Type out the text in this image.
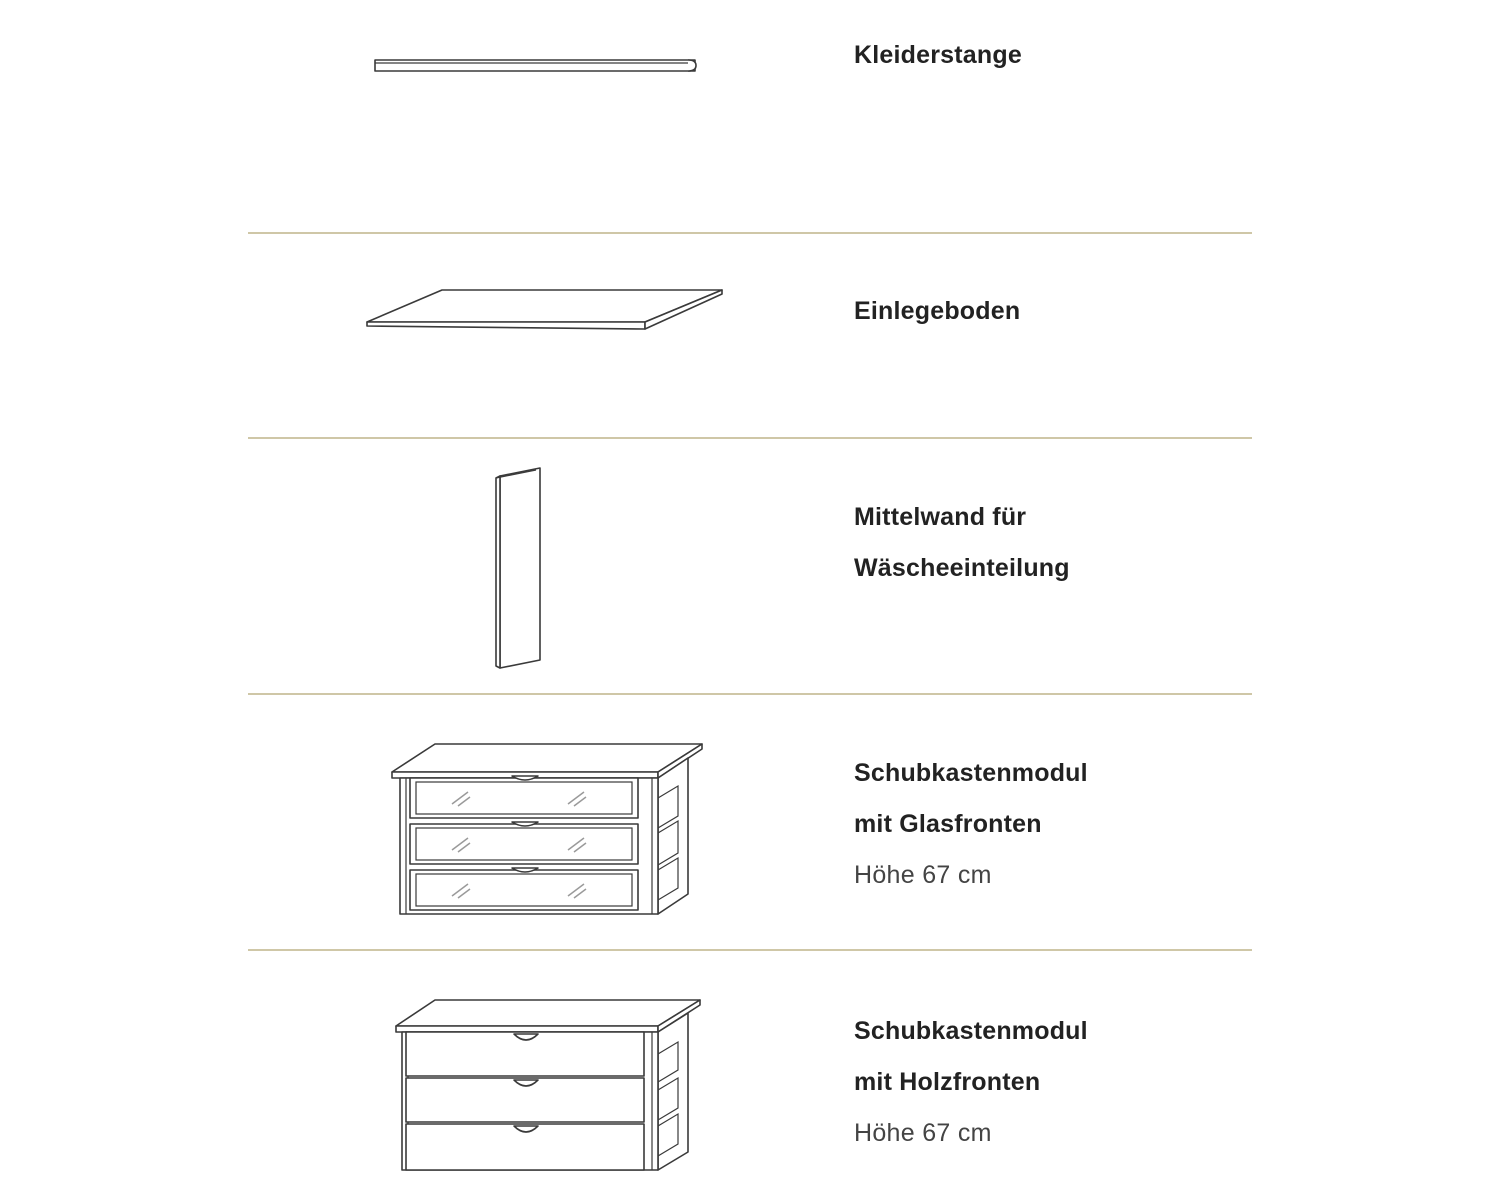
Kleiderstange

Einlegeboden

Mittelwand für

Wäscheeinteilung

Schubkastenmodul

mit Glasfronten

Höhe 67 cm

Schubkastenmodul

mit Holzfronten

Höhe 67 cm
